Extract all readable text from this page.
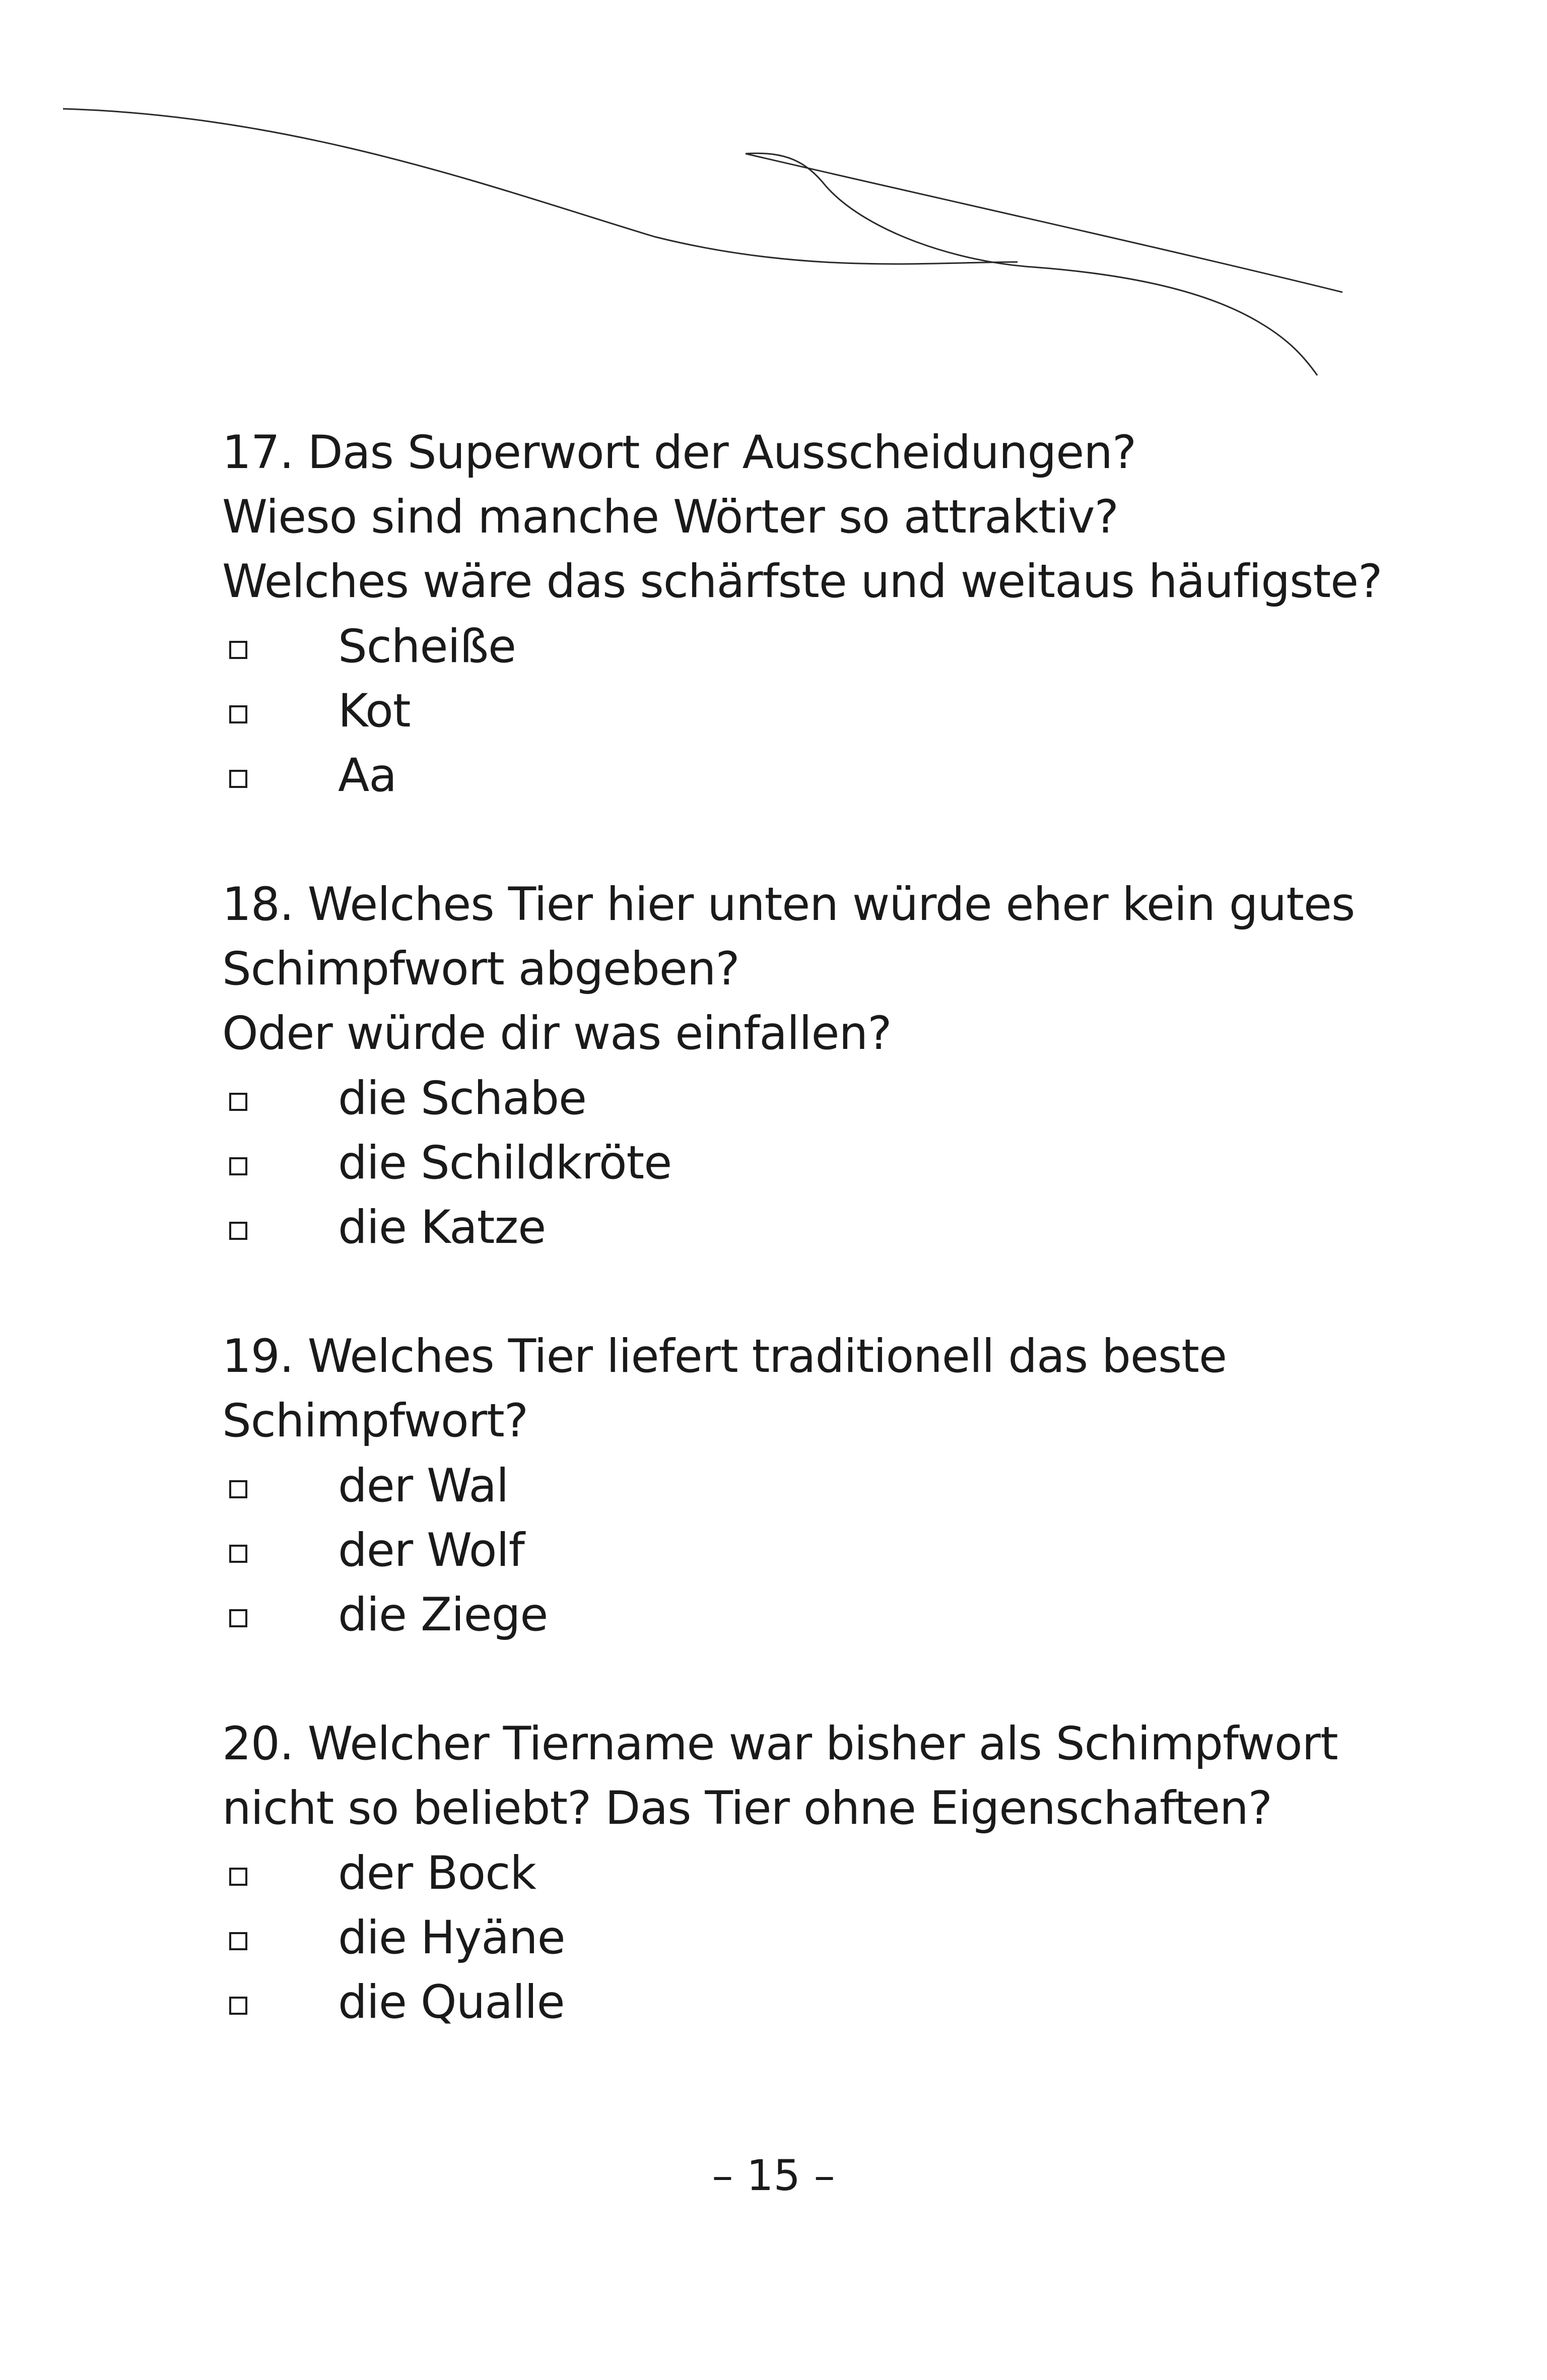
17. Das Superwort der Ausscheidungen?
Wieso sind manche Wörter so attraktiv?
Welches wäre das schärfste und weitaus häufigste?
Scheiße
Kot
Aa
18. Welches Tier hier unten würde eher kein gutes
Schimpfwort abgeben?
Oder würde dir was einfallen?
die Schabe
die Schildkröte
die Katze
19. Welches Tier liefert traditionell das beste
Schimpfwort?
der Wal
der Wolf
die Ziege
20. Welcher Tiername war bisher als Schimpfwort
nicht so beliebt? Das Tier ohne Eigenschaften?
der Bock
die Hyäne
die Qualle
– 15 –
